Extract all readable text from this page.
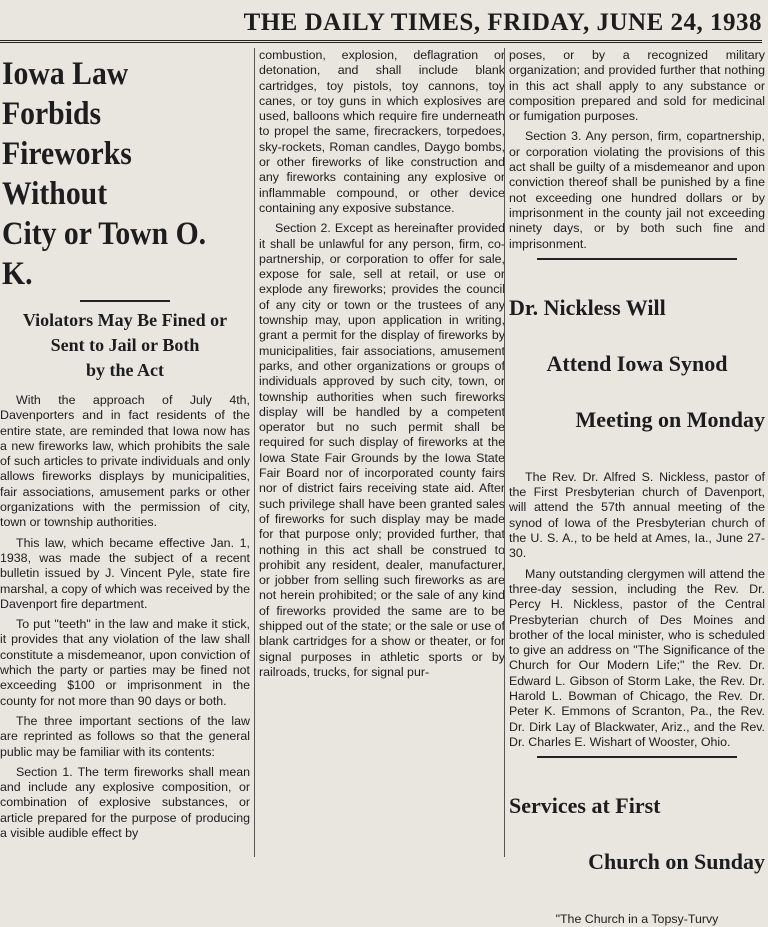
THE DAILY TIMES, FRIDAY, JUNE 24, 1938
Iowa Law Forbids
Fireworks Without
City or Town O. K.
Violators May Be Fined or
Sent to Jail or Both
by the Act

With the approach of July 4th, Davenporters and in fact residents of the entire state, are reminded that Iowa now has a new fireworks law, which prohibits the sale of such articles to private individuals and only allows fireworks displays by municipalities, fair associations, amusement parks or other organizations with the permission of city, town or township authorities.

This law, which became effective Jan. 1, 1938, was made the subject of a recent bulletin issued by J. Vincent Pyle, state fire marshal, a copy of which was received by the Davenport fire department.

To put "teeth" in the law and make it stick, it provides that any violation of the law shall constitute a misdemeanor, upon conviction of which the party or parties may be fined not exceeding $100 or imprisonment in the county for not more than 90 days or both.

The three important sections of the law are reprinted as follows so that the general public may be familiar with its contents:

Section 1. The term fireworks shall mean and include any explosive composition, or combination of explosive substances, or article prepared for the purpose of producing a visible audible effect by

combustion, explosion, deflagration or detonation, and shall include blank cartridges, toy pistols, toy cannons, toy canes, or toy guns in which explosives are used, balloons which require fire underneath to propel the same, firecrackers, torpedoes, sky-rockets, Roman candles, Daygo bombs, or other fireworks of like construction and any fireworks containing any explosive or inflammable compound, or other device containing any exposive substance.

Section 2. Except as hereinafter provided it shall be unlawful for any person, firm, co-partnership, or corporation to offer for sale, expose for sale, sell at retail, or use or explode any fireworks; provides the council of any city or town or the trustees of any township may, upon application in writing, grant a permit for the display of fireworks by municipalities, fair associations, amusement parks, and other organizations or groups of individuals approved by such city, town, or township authorities when such fireworks display will be handled by a competent operator but no such permit shall be required for such display of fireworks at the Iowa State Fair Grounds by the Iowa State Fair Board nor of incorporated county fairs nor of district fairs receiving state aid. After such privilege shall have been granted sales of fireworks for such display may be made for that purpose only; provided further, that nothing in this act shall be construed to prohibit any resident, dealer, manufacturer, or jobber from selling such fireworks as are not herein prohibited; or the sale of any kind of fireworks provided the same are to be shipped out of the state; or the sale or use of blank cartridges for a show or theater, or for signal purposes in athletic sports or by railroads, trucks, for signal pur-

poses, or by a recognized military organization; and provided further that nothing in this act shall apply to any substance or composition prepared and sold for medicinal or fumigation purposes.

Section 3. Any person, firm, copartnership, or corporation violating the provisions of this act shall be guilty of a misdemeanor and upon conviction thereof shall be punished by a fine not exceeding one hundred dollars or by imprisonment in the county jail not exceeding ninety days, or by both such fine and imprisonment.

Dr. Nickless Will

Attend Iowa Synod

Meeting on Monday

The Rev. Dr. Alfred S. Nickless, pastor of the First Presbyterian church of Davenport, will attend the 57th annual meeting of the synod of Iowa of the Presbyterian church of the U. S. A., to be held at Ames, Ia., June 27-30.

Many outstanding clergymen will attend the three-day session, including the Rev. Dr. Percy H. Nickless, pastor of the Central Presbyterian church of Des Moines and brother of the local minister, who is scheduled to give an address on "The Significance of the Church for Our Modern Life;" the Rev. Dr. Edward L. Gibson of Storm Lake, the Rev. Dr. Harold L. Bowman of Chicago, the Rev. Dr. Peter K. Emmons of Scranton, Pa., the Rev. Dr. Dirk Lay of Blackwater, Ariz., and the Rev. Dr. Charles E. Wishart of Wooster, Ohio.

Services at First

Church on Sunday

"The Church in a Topsy-Turvy
